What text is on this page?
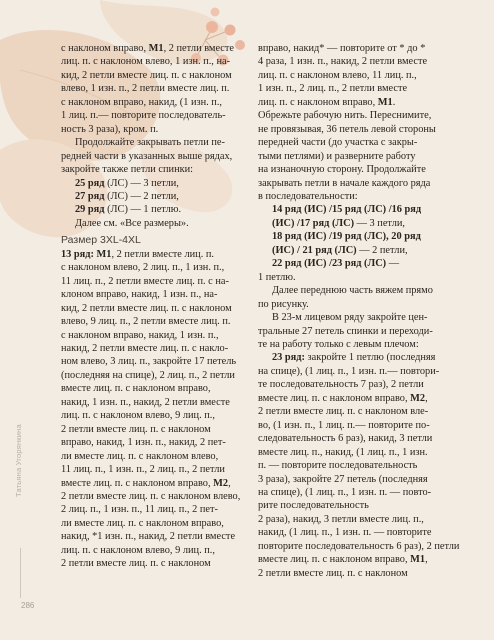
с наклоном вправо, М1, 2 петли вместе
лиц. п. с наклоном влево, 1 изн. п., на-
кид, 2 петли вместе лиц. п. с наклоном
влево, 1 изн. п., 2 петли вместе лиц. п.
с наклоном вправо, накид, (1 изн. п.,
1 лиц. п.— повторите последователь-
ность 3 раза), кром. п.
Продолжайте закрывать петли пе-
редней части в указанных выше рядах,
закройте также петли спинки:
25 ряд (ЛС) — 3 петли,
27 ряд (ЛС) — 2 петли,
29 ряд (ЛС) — 1 петлю.
Далее см. «Все размеры».
Размер 3XL-4XL
13 ряд: М1, 2 петли вместе лиц. п.
с наклоном влево, 2 лиц. п., 1 изн. п.,
11 лиц. п., 2 петли вместе лиц. п. с на-
клоном вправо, накид, 1 изн. п., на-
кид, 2 петли вместе лиц. п. с наклоном
влево, 9 лиц. п., 2 петли вместе лиц. п.
с наклоном вправо, накид, 1 изн. п.,
накид, 2 петли вместе лиц. п. с накло-
ном влево, 3 лиц. п., закройте 17 петель
(последняя на спице), 2 лиц. п., 2 петли
вместе лиц. п. с наклоном вправо,
накид, 1 изн. п., накид, 2 петли вместе
лиц. п. с наклоном влево, 9 лиц. п.,
2 петли вместе лиц. п. с наклоном
вправо, накид, 1 изн. п., накид, 2 пет-
ли вместе лиц. п. с наклоном влево,
11 лиц. п., 1 изн. п., 2 лиц. п., 2 петли
вместе лиц. п. с наклоном вправо, М2,
2 петли вместе лиц. п. с наклоном влево,
2 лиц. п., 1 изн. п., 11 лиц. п., 2 пет-
ли вместе лиц. п. с наклоном вправо,
накид, *1 изн. п., накид, 2 петли вместе
лиц. п. с наклоном влево, 9 лиц. п.,
2 петли вместе лиц. п. с наклоном
вправо, накид* — повторите от * до *
4 раза, 1 изн. п., накид, 2 петли вместе
лиц. п. с наклоном влево, 11 лиц. п.,
1 изн. п., 2 лиц. п., 2 петли вместе
лиц. п. с наклоном вправо, М1.
Обрежьте рабочую нить. Переснимите,
не провязывая, 36 петель левой стороны
передней части (до участка с закры-
тыми петлями) и разверните работу
на изнаночную сторону. Продолжайте
закрывать петли в начале каждого ряда
в последовательности:
14 ряд (ИС) /15 ряд (ЛС) /16 ряд
(ИС) /17 ряд (ЛС) — 3 петли,
18 ряд (ИС) /19 ряд (ЛС), 20 ряд
(ИС) / 21 ряд (ЛС) — 2 петли,
22 ряд (ИС) /23 ряд (ЛС) —
1 петлю.
Далее переднюю часть вяжем прямо
по рисунку.
В 23-м лицевом ряду закройте цен-
тральные 27 петель спинки и переходи-
те на работу только с левым плечом:
23 ряд: закройте 1 петлю (последняя
на спице), (1 лиц. п., 1 изн. п.— повтори-
те последовательность 7 раз), 2 петли
вместе лиц. п. с наклоном вправо, М2,
2 петли вместе лиц. п. с наклоном вле-
во, (1 изн. п., 1 лиц. п.— повторите по-
следовательность 6 раз), накид, 3 петли
вместе лиц. п., накид, (1 лиц. п., 1 изн.
п. — повторите последовательность
3 раза), закройте 27 петель (последняя
на спице), (1 лиц. п., 1 изн. п. — повто-
рите последовательность
2 раза), накид, 3 петли вместе лиц. п.,
накид, (1 лиц. п., 1 изн. п. — повторите
повторите последовательность 6 раз), 2 петли
вместе лиц. п. с наклоном вправо, М1,
2 петли вместе лиц. п. с наклоном
Татьяна Угорянкина
286
